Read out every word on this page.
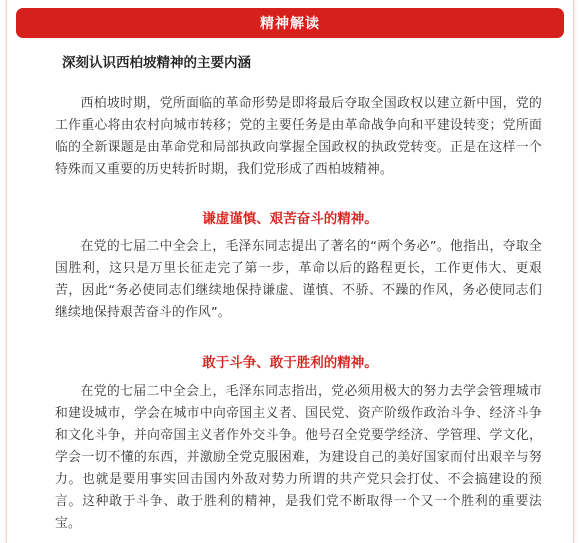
精神解读
深刻认识西柏坡精神的主要内涵

西柏坡时期，党所面临的革命形势是即将最后夺取全国政权以建立新中国，党的工作重心将由农村向城市转移；党的主要任务是由革命战争向和平建设转变；党所面临的全新课题是由革命党和局部执政向掌握全国政权的执政党转变。正是在这样一个特殊而又重要的历史转折时期，我们党形成了西柏坡精神。

谦虚谨慎、艰苦奋斗的精神。

在党的七届二中全会上，毛泽东同志提出了著名的“两个务必”。他指出，夺取全国胜利，这只是万里长征走完了第一步，革命以后的路程更长，工作更伟大、更艰苦，因此“务必使同志们继续地保持谦虚、谨慎、不骄、不躁的作风，务必使同志们继续地保持艰苦奋斗的作风”。

敢于斗争、敢于胜利的精神。

在党的七届二中全会上，毛泽东同志指出，党必须用极大的努力去学会管理城市和建设城市，学会在城市中向帝国主义者、国民党、资产阶级作政治斗争、经济斗争和文化斗争，并向帝国主义者作外交斗争。他号召全党要学经济、学管理、学文化，学会一切不懂的东西，并激励全党克服困难，为建设自己的美好国家而付出艰辛与努力。也就是要用事实回击国内外敌对势力所谓的共产党只会打仗、不会搞建设的预言。这种敢于斗争、敢于胜利的精神，是我们党不断取得一个又一个胜利的重要法宝。
